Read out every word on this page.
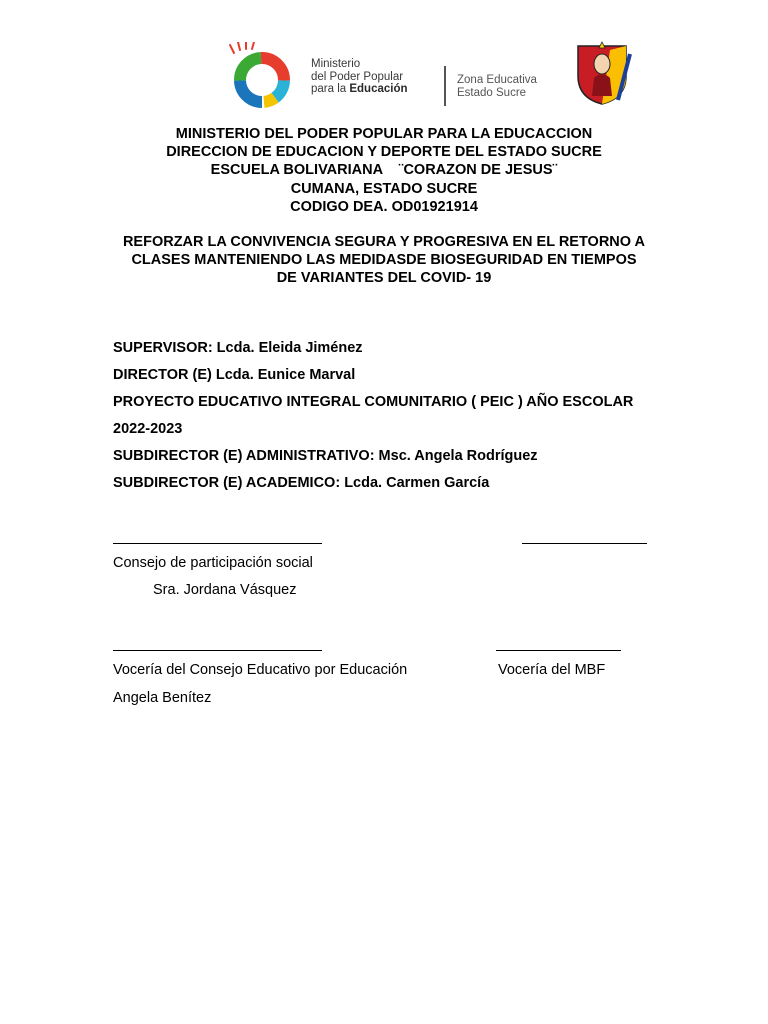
Ministerio
del Poder Popular
para la Educación
Zona Educativa
Estado Sucre
MINISTERIO DEL PODER POPULAR PARA LA EDUCACCION
DIRECCION DE EDUCACION Y DEPORTE DEL ESTADO SUCRE
ESCUELA BOLIVARIANA    ¨CORAZON DE JESUS¨
CUMANA, ESTADO SUCRE
CODIGO DEA. OD01921914
REFORZAR LA CONVIVENCIA SEGURA Y PROGRESIVA EN EL RETORNO A
CLASES MANTENIENDO LAS MEDIDASDE BIOSEGURIDAD EN TIEMPOS
DE VARIANTES DEL COVID- 19
SUPERVISOR: Lcda. Eleida Jiménez
DIRECTOR (E) Lcda. Eunice Marval
PROYECTO EDUCATIVO INTEGRAL COMUNITARIO ( PEIC ) AÑO ESCOLAR
2022-2023
SUBDIRECTOR (E) ADMINISTRATIVO: Msc. Angela Rodríguez
SUBDIRECTOR (E) ACADEMICO: Lcda. Carmen García
Consejo de participación social
Sra. Jordana Vásquez
Vocería del Consejo Educativo por Educación	Vocería del MBF
Angela Benítez
